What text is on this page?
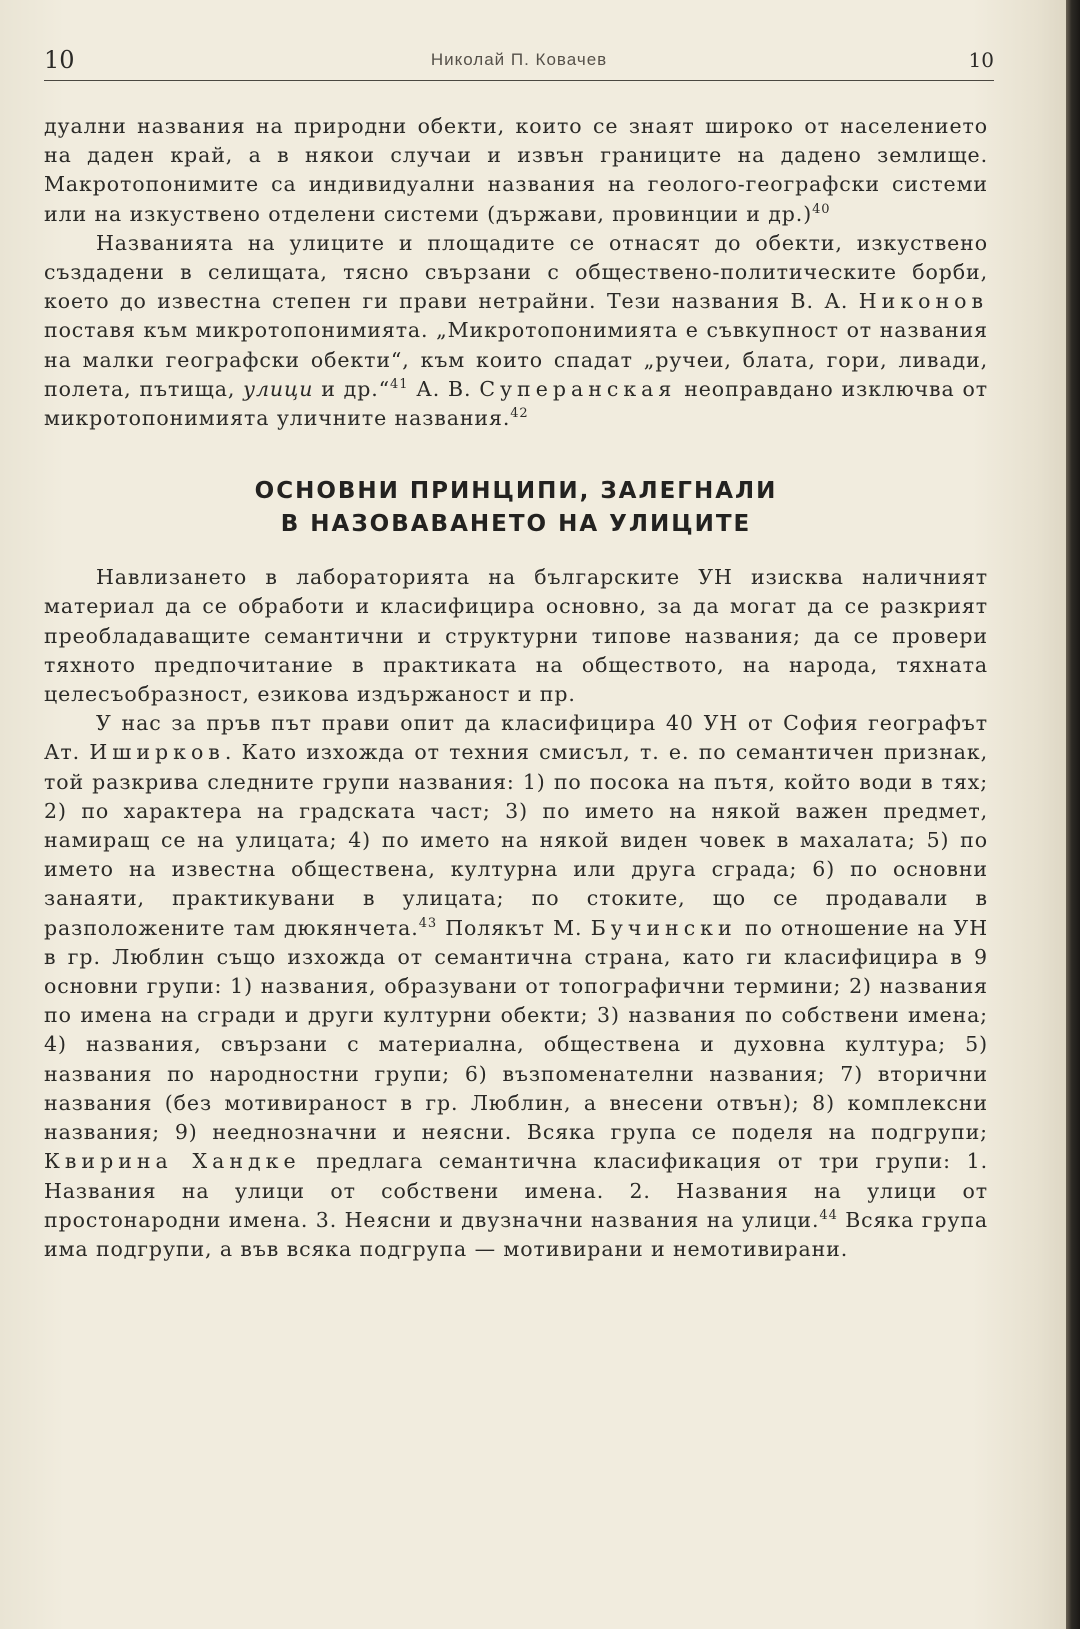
10	Николай П. Ковачев	10

дуални названия на природни обекти, които се знаят широко от населението на даден край, а в някои случаи и извън границите на дадено землище. Макротопонимите са индивидуални названия на геолого-географски системи или на изкуствено отделени системи (държави, провинции и др.)$^{40}$

Названията на улиците и площадите се отнасят до обекти, изкуствено създадени в селищата, тясно свързани с обществено-политическите борби, което до известна степен ги прави нетрайни. Тези названия В. А. Никонов поставя към микротопонимията. „Микротопонимията е съвкупност от названия на малки географски обекти“, към които спадат „ручеи, блата, гори, ливади, полета, пътища, улици и др.“$^{41}$ А. В. Суперанская неоправдано изключва от микротопонимията уличните названия.$^{42}$

ОСНОВНИ ПРИНЦИПИ, ЗАЛЕГНАЛИ
В НАЗОВАВАНЕТО НА УЛИЦИТЕ

Навлизането в лабораторията на българските УН изисква наличният материал да се обработи и класифицира основно, за да могат да се разкрият преобладаващите семантични и структурни типове названия; да се провери тяхното предпочитание в практиката на обществото, на народа, тяхната целесъобразност, езикова издържаност и пр.

У нас за пръв път прави опит да класифицира 40 УН от София географът Ат. Иширков. Като изхожда от техния смисъл, т. е. по семантичен признак, той разкрива следните групи названия: 1) по посока на пътя, който води в тях; 2) по характера на градската част; 3) по името на някой важен предмет, намиращ се на улицата; 4) по името на някой виден човек в махалата; 5) по името на известна обществена, културна или друга сграда; 6) по основни занаяти, практикувани в улицата; по стоките, що се продавали в разположените там дюкянчета.$^{43}$ Полякът М. Бучински по отношение на УН в гр. Люблин също изхожда от семантична страна, като ги класифицира в 9 основни групи: 1) названия, образувани от топографични термини; 2) названия по имена на сгради и други културни обекти; 3) названия по собствени имена; 4) названия, свързани с материална, обществена и духовна култура; 5) названия по народностни групи; 6) възпоменателни названия; 7) вторични названия (без мотивираност в гр. Люблин, а внесени отвън); 8) комплексни названия; 9) нееднозначни и неясни. Всяка група се подeля на подгрупи; Квирина Хандке предлага семантична класификация от три групи: 1. Названия на улици от собствени имена. 2. Названия на улици от простонародни имена. 3. Неясни и двузначни названия на улици.$^{44}$ Всяка група има подгрупи, а във всяка подгрупа — мотивирани и немотивирани.
